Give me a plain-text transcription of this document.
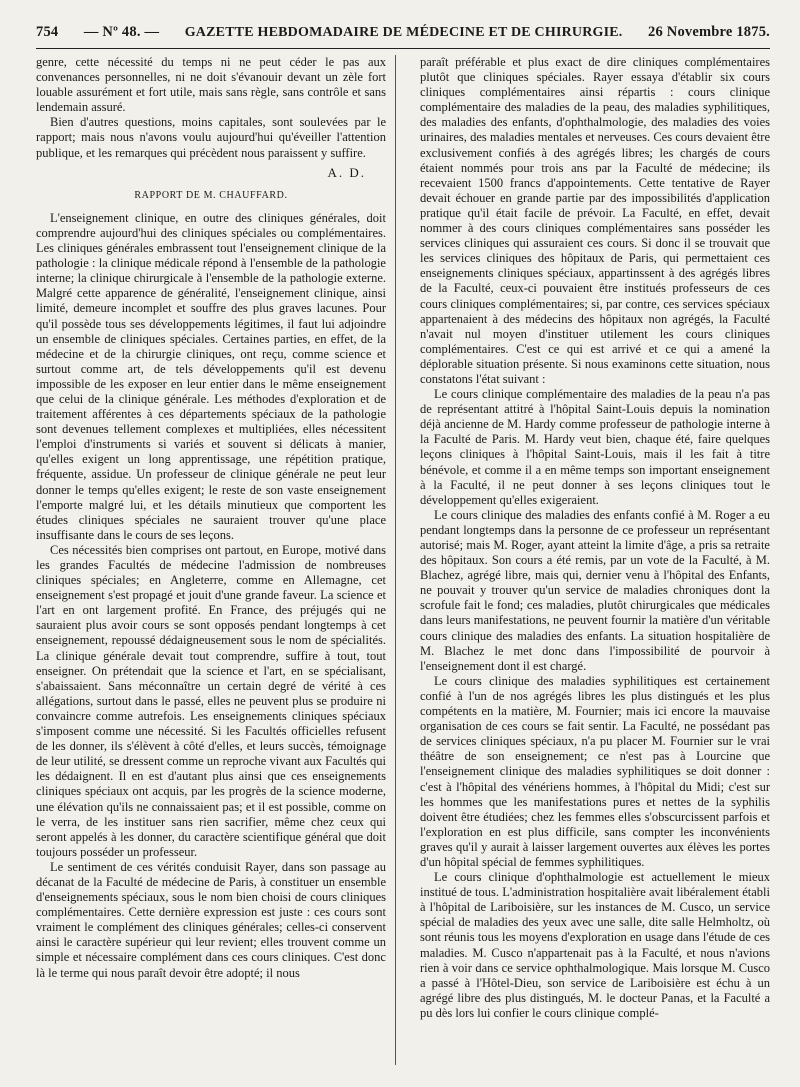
754 — Nº 48. — GAZETTE HEBDOMADAIRE DE MÉDECINE ET DE CHIRURGIE. 26 Novembre 1875.

genre, cette nécessité du temps ni ne peut céder le pas aux convenances personnelles, ni ne doit s'évanouir devant un zèle fort louable assurément et fort utile, mais sans règle, sans contrôle et sans lendemain assuré.

Bien d'autres questions, moins capitales, sont soulevées par le rapport; mais nous n'avons voulu aujourd'hui qu'éveiller l'attention publique, et les remarques qui précèdent nous paraissent y suffire.

A. D.
RAPPORT DE M. CHAUFFARD.

L'enseignement clinique, en outre des cliniques générales, doit comprendre aujourd'hui des cliniques spéciales ou complémentaires. Les cliniques générales embrassent tout l'enseignement clinique de la pathologie : la clinique médicale répond à l'ensemble de la pathologie interne; la clinique chirurgicale à l'ensemble de la pathologie externe. Malgré cette apparence de généralité, l'enseignement clinique, ainsi limité, demeure incomplet et souffre des plus graves lacunes. Pour qu'il possède tous ses développements légitimes, il faut lui adjoindre un ensemble de cliniques spéciales. Certaines parties, en effet, de la médecine et de la chirurgie cliniques, ont reçu, comme science et surtout comme art, de tels développements qu'il est devenu impossible de les exposer en leur entier dans le même enseignement que celui de la clinique générale. Les méthodes d'exploration et de traitement afférentes à ces départements spéciaux de la pathologie sont devenues tellement complexes et multipliées, elles nécessitent l'emploi d'instruments si variés et souvent si délicats à manier, qu'elles exigent un long apprentissage, une répétition pratique, fréquente, assidue. Un professeur de clinique générale ne peut leur donner le temps qu'elles exigent; le reste de son vaste enseignement l'emporte malgré lui, et les détails minutieux que comportent les études cliniques spéciales ne sauraient trouver qu'une place insuffisante dans le cours de ses leçons.

Ces nécessités bien comprises ont partout, en Europe, motivé dans les grandes Facultés de médecine l'admission de nombreuses cliniques spéciales; en Angleterre, comme en Allemagne, cet enseignement s'est propagé et jouit d'une grande faveur. La science et l'art en ont largement profité. En France, des préjugés qui ne sauraient plus avoir cours se sont opposés pendant longtemps à cet enseignement, repoussé dédaigneusement sous le nom de spécialités. La clinique générale devait tout comprendre, suffire à tout, tout enseigner. On prétendait que la science et l'art, en se spécialisant, s'abaissaient. Sans méconnaître un certain degré de vérité à ces allégations, surtout dans le passé, elles ne peuvent plus se produire ni convaincre comme autrefois. Les enseignements cliniques spéciaux s'imposent comme une nécessité. Si les Facultés officielles refusent de les donner, ils s'élèvent à côté d'elles, et leurs succès, témoignage de leur utilité, se dressent comme un reproche vivant aux Facultés qui les dédaignent. Il en est d'autant plus ainsi que ces enseignements cliniques spéciaux ont acquis, par les progrès de la science moderne, une élévation qu'ils ne connaissaient pas; et il est possible, comme on le verra, de les instituer sans rien sacrifier, même chez ceux qui seront appelés à les donner, du caractère scientifique général que doit toujours posséder un professeur.

Le sentiment de ces vérités conduisit Rayer, dans son passage au décanat de la Faculté de médecine de Paris, à constituer un ensemble d'enseignements spéciaux, sous le nom bien choisi de cours cliniques complémentaires. Cette dernière expression est juste : ces cours sont vraiment le complément des cliniques générales; celles-ci conservent ainsi le caractère supérieur qui leur revient; elles trouvent comme un simple et nécessaire complément dans ces cours cliniques. C'est donc là le terme qui nous paraît devoir être adopté; il nous

paraît préférable et plus exact de dire cliniques complémentaires plutôt que cliniques spéciales. Rayer essaya d'établir six cours cliniques complémentaires ainsi répartis : cours clinique complémentaire des maladies de la peau, des maladies syphilitiques, des maladies des enfants, d'ophthalmologie, des maladies des voies urinaires, des maladies mentales et nerveuses. Ces cours devaient être exclusivement confiés à des agrégés libres; les chargés de cours étaient nommés pour trois ans par la Faculté de médecine; ils recevaient 1500 francs d'appointements. Cette tentative de Rayer devait échouer en grande partie par des impossibilités d'application pratique qu'il était facile de prévoir. La Faculté, en effet, devait nommer à des cours cliniques complémentaires sans posséder les services cliniques qui assuraient ces cours. Si donc il se trouvait que les services cliniques des hôpitaux de Paris, qui permettaient ces enseignements cliniques spéciaux, appartinssent à des agrégés libres de la Faculté, ceux-ci pouvaient être institués professeurs de ces cours cliniques complémentaires; si, par contre, ces services spéciaux appartenaient à des médecins des hôpitaux non agrégés, la Faculté n'avait nul moyen d'instituer utilement les cours cliniques complémentaires. C'est ce qui est arrivé et ce qui a amené la déplorable situation présente. Si nous examinons cette situation, nous constatons l'état suivant :

Le cours clinique complémentaire des maladies de la peau n'a pas de représentant attitré à l'hôpital Saint-Louis depuis la nomination déjà ancienne de M. Hardy comme professeur de pathologie interne à la Faculté de Paris. M. Hardy veut bien, chaque été, faire quelques leçons cliniques à l'hôpital Saint-Louis, mais il les fait à titre bénévole, et comme il a en même temps son important enseignement à la Faculté, il ne peut donner à ses leçons cliniques tout le développement qu'elles exigeraient.

Le cours clinique des maladies des enfants confié à M. Roger a eu pendant longtemps dans la personne de ce professeur un représentant autorisé; mais M. Roger, ayant atteint la limite d'âge, a pris sa retraite des hôpitaux. Son cours a été remis, par un vote de la Faculté, à M. Blachez, agrégé libre, mais qui, dernier venu à l'hôpital des Enfants, ne pouvait y trouver qu'un service de maladies chroniques dont la scrofule fait le fond; ces maladies, plutôt chirurgicales que médicales dans leurs manifestations, ne peuvent fournir la matière d'un véritable cours clinique des maladies des enfants. La situation hospitalière de M. Blachez le met donc dans l'impossibilité de pourvoir à l'enseignement dont il est chargé.

Le cours clinique des maladies syphilitiques est certainement confié à l'un de nos agrégés libres les plus distingués et les plus compétents en la matière, M. Fournier; mais ici encore la mauvaise organisation de ces cours se fait sentir. La Faculté, ne possédant pas de services cliniques spéciaux, n'a pu placer M. Fournier sur le vrai théâtre de son enseignement; ce n'est pas à Lourcine que l'enseignement clinique des maladies syphilitiques se doit donner : c'est à l'hôpital des vénériens hommes, à l'hôpital du Midi; c'est sur les hommes que les manifestations pures et nettes de la syphilis doivent être étudiées; chez les femmes elles s'obscurcissent parfois et l'exploration en est plus difficile, sans compter les inconvénients graves qu'il y aurait à laisser largement ouvertes aux élèves les portes d'un hôpital spécial de femmes syphilitiques.

Le cours clinique d'ophthalmologie est actuellement le mieux institué de tous. L'administration hospitalière avait libéralement établi à l'hôpital de Lariboisière, sur les instances de M. Cusco, un service spécial de maladies des yeux avec une salle, dite salle Helmholtz, où sont réunis tous les moyens d'exploration en usage dans l'étude de ces maladies. M. Cusco n'appartenait pas à la Faculté, et nous n'avions rien à voir dans ce service ophthalmologique. Mais lorsque M. Cusco a passé à l'Hôtel-Dieu, son service de Lariboisière est échu à un agrégé libre des plus distingués, M. le docteur Panas, et la Faculté a pu dès lors lui confier le cours clinique complé-
